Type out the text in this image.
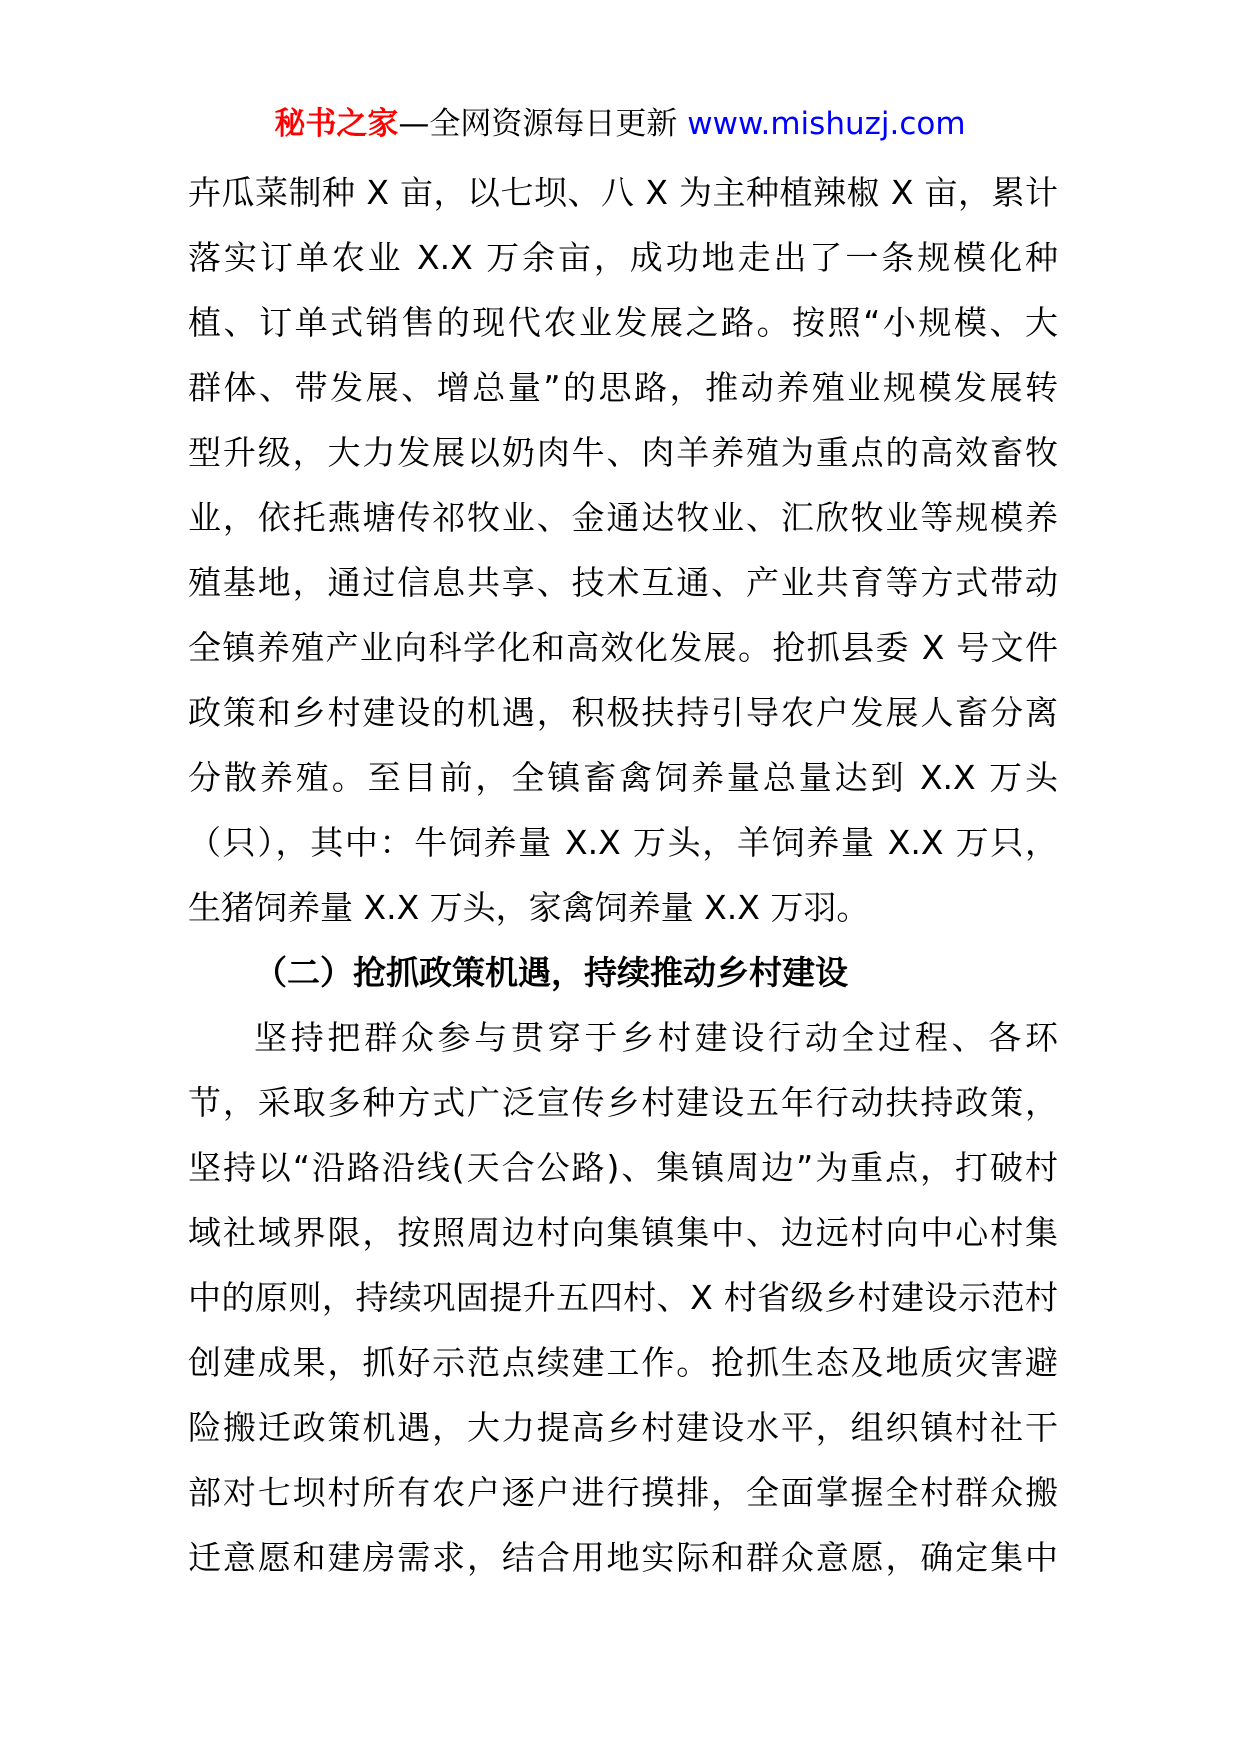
秘书之家—全网资源每日更新 www.mishuzj.com
卉瓜菜制种 X 亩，以七坝、八 X 为主种植辣椒 X 亩，累计
落实订单农业 X.X 万余亩，成功地走出了一条规模化种
植、订单式销售的现代农业发展之路。按照“小规模、大
群体、带发展、增总量”的思路，推动养殖业规模发展转
型升级，大力发展以奶肉牛、肉羊养殖为重点的高效畜牧
业，依托燕塘传祁牧业、金通达牧业、汇欣牧业等规模养
殖基地，通过信息共享、技术互通、产业共育等方式带动
全镇养殖产业向科学化和高效化发展。抢抓县委 X 号文件
政策和乡村建设的机遇，积极扶持引导农户发展人畜分离
分散养殖。至目前，全镇畜禽饲养量总量达到 X.X 万头
（只），其中：牛饲养量 X.X 万头，羊饲养量 X.X 万只，
生猪饲养量 X.X 万头，家禽饲养量 X.X 万羽。
（二）抢抓政策机遇，持续推动乡村建设
坚持把群众参与贯穿于乡村建设行动全过程、各环
节，采取多种方式广泛宣传乡村建设五年行动扶持政策，
坚持以“沿路沿线(天合公路)、集镇周边”为重点，打破村
域社域界限，按照周边村向集镇集中、边远村向中心村集
中的原则，持续巩固提升五四村、X 村省级乡村建设示范村
创建成果，抓好示范点续建工作。抢抓生态及地质灾害避
险搬迁政策机遇，大力提高乡村建设水平，组织镇村社干
部对七坝村所有农户逐户进行摸排，全面掌握全村群众搬
迁意愿和建房需求，结合用地实际和群众意愿，确定集中
